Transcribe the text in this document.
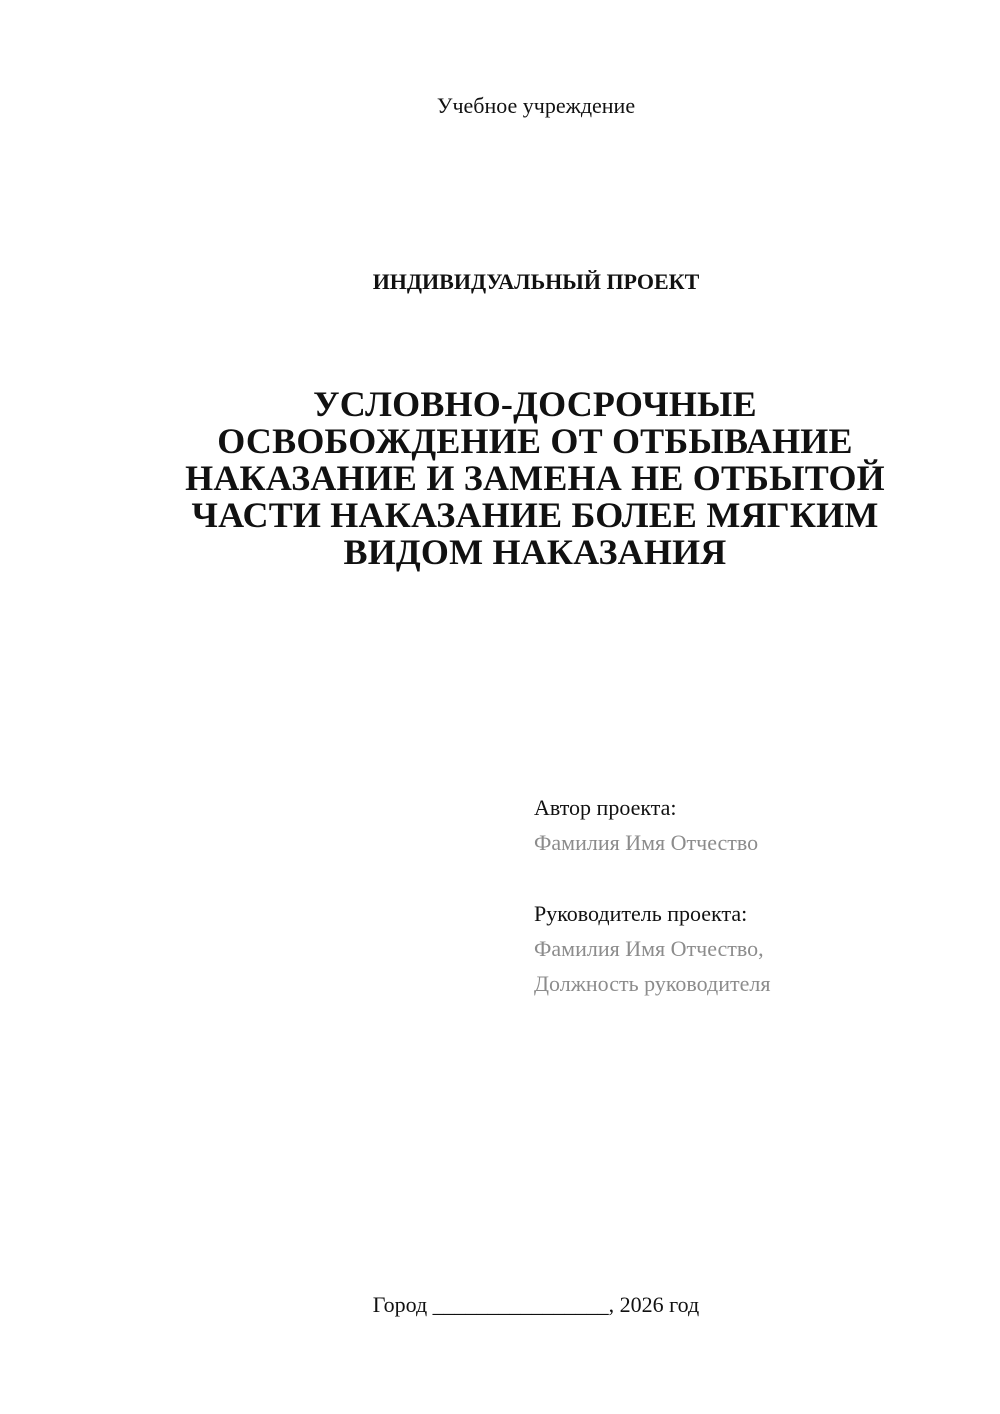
Учебное учреждение
ИНДИВИДУАЛЬНЫЙ ПРОЕКТ
УСЛОВНО-ДОСРОЧНЫЕ
ОСВОБОЖДЕНИЕ ОТ ОТБЫВАНИЕ
НАКАЗАНИЕ И ЗАМЕНА НЕ ОТБЫТОЙ
ЧАСТИ НАКАЗАНИЕ БОЛЕЕ МЯГКИМ
ВИДОМ НАКАЗАНИЯ
Автор проекта:
Фамилия Имя Отчество
Руководитель проекта:
Фамилия Имя Отчество,
Должность руководителя
Город ________________, 2026 год
